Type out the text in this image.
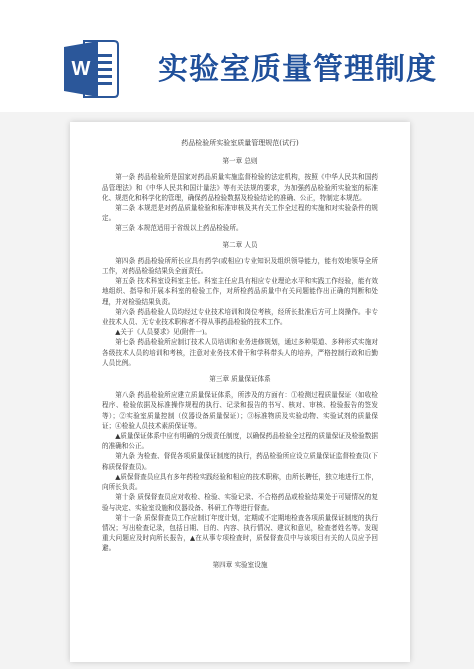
W 实验室质量管理制度
药品检验所实验室质量管理规范(试行)
第一章 总则

第一条 药品检验所是国家对药品质量实施监督检验的法定机构，按照《中华人民共和国药品管理法》和《中华人民共和国计量法》等有关法规的要求，为加强药品检验所实验室的标准化、规范化和科学化的管理，确保药品检验数据及检验结论的准确、公正，特制定本规范。

第二条 本规范是对药品质量检验和标准审核及其有关工作全过程的实施和对实验条件的规定。

第三条 本规范适用于省级以上药品检验所。

第二章 人员

第四条 药品检验所所长应具有药学(或相应)专业知识及组织领导能力，能有效地领导全所工作，对药品检验结果负全面责任。

第五条 技术科室设科室主任。科室主任应具有相应专业理论水平和实践工作经验，能有效地组织、指导和开展本科室的检验工作，对所检药品质量中有关问题能作出正确的判断和处理，并对检验结果负责。

第六条 药品检验人员均经过专业技术培训和岗位考核，经所长批准后方可上岗操作。非专业技术人员、无专业技术职称者不得从事药品检验的技术工作。

▲关于《人员要求》见(附件一)。

第七条 药品检验所应制订技术人员培训和业务进修规划，通过多种渠道、多种形式实施对各级技术人员的培训和考核，注意对业务技术骨干和学科带头人的培养，严格控制行政和后勤人员比例。

第三章 质量保证体系

第八条 药品检验所应建立质量保证体系，所涉及的方面有：①检测过程质量保证（如收检程序、检验依据及标准操作规程的执行、记录和报告的书写、核对、审核、检验报告的签发等）；②实验室质量控制（仪器设备质量保证）；③标准物质及实验动物、实验试剂的质量保证；④检验人员技术素质保证等。

▲质量保证体系中应有明确的分级责任制度，以确保药品检验全过程的质量保证及检验数据的准确和公正。

第九条 为检查、督促各项质量保证制度的执行，药品检验所应设立质量保证监督检查员(下称质保督查员)。

▲质保督查员应具有多年药检实践经验和相应的技术职称，由所长聘任，独立地进行工作，向所长负责。

第十条 质保督查员应对收检、检验、实验记录、不合格药品或检验结果处于可疑情况的复验与决定、实验室设施和仪器设备、科研工作等进行督查。

第十一条 质保督查员工作应制订年度计划，定期或不定期地检查各项质量保证制度的执行情况；写出检查记录，包括日期、目的、内容、执行情况、建议和意见，检查者姓名等。发现重大问题应及时向所长报告，▲在从事专项检查时，质保督查员中与该项目有关的人员应予回避。

第四章 实验室设施
